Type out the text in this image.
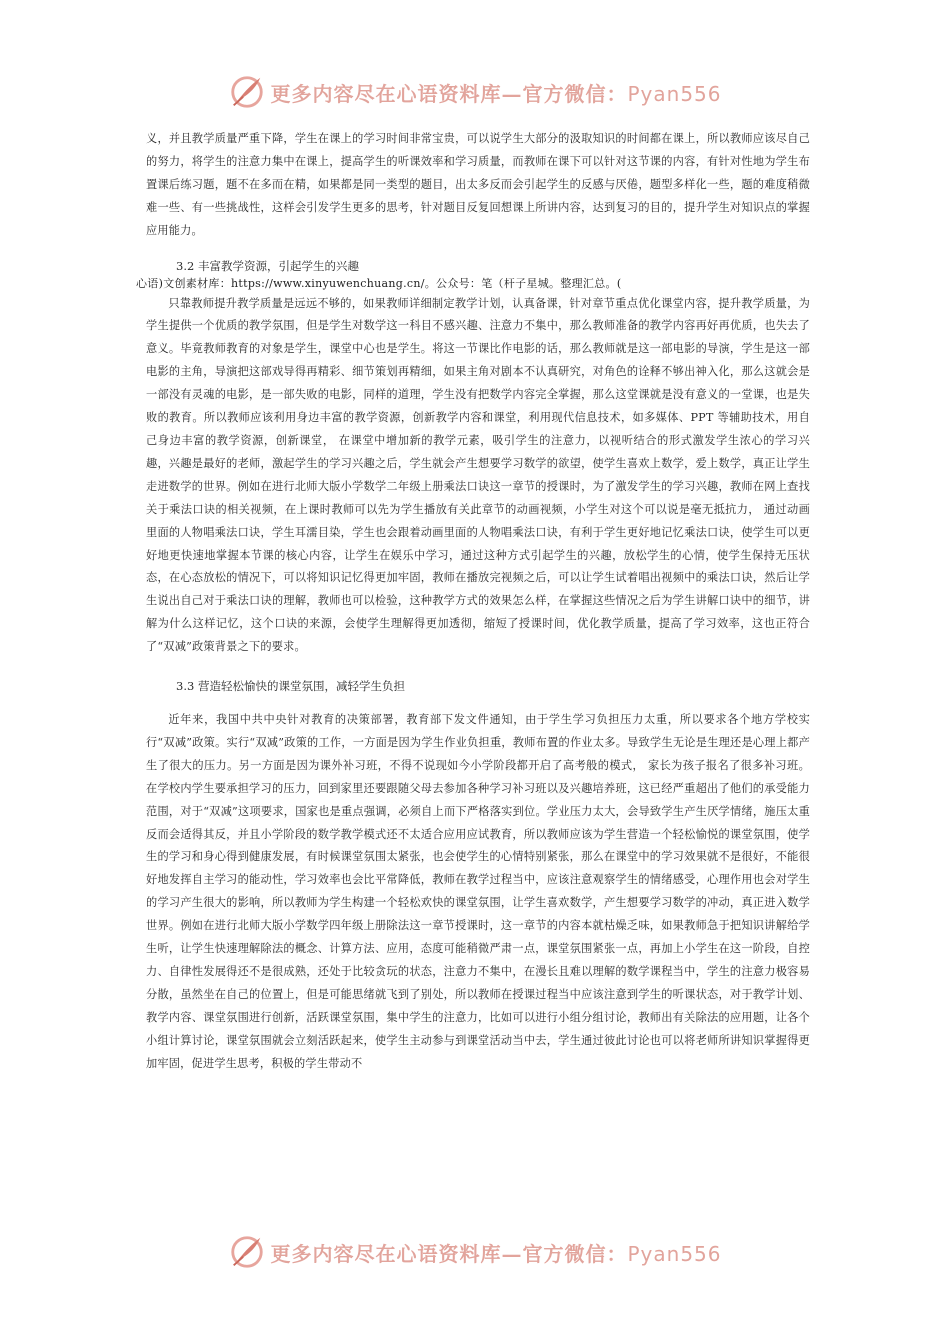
更多内容尽在心语资料库—官方微信：Pyan556

义，并且教学质量严重下降，学生在课上的学习时间非常宝贵，可以说学生大部分的汲取知识的时间都在课上，所以教师应该尽自己的努力，将学生的注意力集中在课上，提高学生的听课效率和学习质量，而教师在课下可以针对这节课的内容，有针对性地为学生布置课后练习题，题不在多而在精，如果都是同一类型的题目，出太多反而会引起学生的反感与厌倦，题型多样化一些，题的难度稍微难一些、有一些挑战性，这样会引发学生更多的思考，针对题目反复回想课上所讲内容，达到复习的目的，提升学生对知识点的掌握应用能力。

3.2 丰富教学资源，引起学生的兴趣

心语)文创素材库：https://www.xinyuwenchuang.cn/。公众号：笔（杆子星城。整理汇总。(

只靠教师提升教学质量是远远不够的，如果教师详细制定教学计划，认真备课，针对章节重点优化课堂内容，提升教学质量，为学生提供一个优质的教学氛围，但是学生对数学这一科目不感兴趣、注意力不集中，那么教师准备的教学内容再好再优质，也失去了意义。毕竟教师教育的对象是学生，课堂中心也是学生。将这一节课比作电影的话，那么教师就是这一部电影的导演，学生是这一部电影的主角，导演把这部戏导得再精彩、细节策划再精细，如果主角对剧本不认真研究，对角色的诠释不够出神入化，那么这就会是一部没有灵魂的电影，是一部失败的电影，同样的道理，学生没有把数学内容完全掌握，那么这堂课就是没有意义的一堂课，也是失败的教育。所以教师应该利用身边丰富的教学资源，创新教学内容和课堂，利用现代信息技术，如多媒体、PPT 等辅助技术，用自己身边丰富的教学资源，创新课堂， 在课堂中增加新的教学元素，吸引学生的注意力，以视听结合的形式激发学生浓心的学习兴趣，兴趣是最好的老师，激起学生的学习兴趣之后，学生就会产生想要学习数学的欲望，使学生喜欢上数学，爱上数学，真正让学生走进数学的世界。例如在进行北师大版小学数学二年级上册乘法口诀这一章节的授课时，为了激发学生的学习兴趣，教师在网上查找关于乘法口诀的相关视频，在上课时教师可以先为学生播放有关此章节的动画视频，小学生对这个可以说是毫无抵抗力， 通过动画里面的人物唱乘法口诀，学生耳濡目染，学生也会跟着动画里面的人物唱乘法口诀，有利于学生更好地记忆乘法口诀，使学生可以更好地更快速地掌握本节课的核心内容，让学生在娱乐中学习，通过这种方式引起学生的兴趣，放松学生的心情，使学生保持无压状态，在心态放松的情况下，可以将知识记忆得更加牢固，教师在播放完视频之后，可以让学生试着唱出视频中的乘法口诀，然后让学生说出自己对于乘法口诀的理解，教师也可以检验，这种教学方式的效果怎么样，在掌握这些情况之后为学生讲解口诀中的细节，讲解为什么这样记忆，这个口诀的来源，会使学生理解得更加透彻，缩短了授课时间，优化教学质量，提高了学习效率，这也正符合了“双减”政策背景之下的要求。

3.3 营造轻松愉快的课堂氛围，减轻学生负担

近年来，我国中共中央针对教育的决策部署，教育部下发文件通知，由于学生学习负担压力太重，所以要求各个地方学校实行“双减”政策。实行“双减”政策的工作，一方面是因为学生作业负担重，教师布置的作业太多。导致学生无论是生理还是心理上都产生了很大的压力。另一方面是因为课外补习班，不得不说现如今小学阶段都开启了高考般的模式， 家长为孩子报名了很多补习班。在学校内学生要承担学习的压力，回到家里还要跟随父母去参加各种学习补习班以及兴趣培养班，这已经严重超出了他们的承受能力范围，对于“双减”这项要求，国家也是重点强调，必须自上而下严格落实到位。学业压力太大，会导致学生产生厌学情绪，施压太重反而会适得其反，并且小学阶段的数学教学模式还不太适合应用应试教育，所以教师应该为学生营造一个轻松愉悦的课堂氛围，使学生的学习和身心得到健康发展，有时候课堂氛围太紧张，也会使学生的心情特别紧张，那么在课堂中的学习效果就不是很好，不能很好地发挥自主学习的能动性，学习效率也会比平常降低，教师在教学过程当中，应该注意观察学生的情绪感受，心理作用也会对学生的学习产生很大的影响，所以教师为学生构建一个轻松欢快的课堂氛围，让学生喜欢数学，产生想要学习数学的冲动，真正进入数学世界。例如在进行北师大版小学数学四年级上册除法这一章节授课时，这一章节的内容本就枯燥乏味，如果教师急于把知识讲解给学生听，让学生快速理解除法的概念、计算方法、应用，态度可能稍微严肃一点，课堂氛围紧张一点，再加上小学生在这一阶段，自控力、自律性发展得还不是很成熟，还处于比较贪玩的状态，注意力不集中，在漫长且难以理解的数学课程当中，学生的注意力极容易分散，虽然坐在自己的位置上，但是可能思绪就飞到了别处，所以教师在授课过程当中应该注意到学生的听课状态，对于教学计划、教学内容、课堂氛围进行创新，活跃课堂氛围，集中学生的注意力，比如可以进行小组分组讨论，教师出有关除法的应用题，让各个小组计算讨论，课堂氛围就会立刻活跃起来，使学生主动参与到课堂活动当中去，学生通过彼此讨论也可以将老师所讲知识掌握得更加牢固，促进学生思考，积极的学生带动不

更多内容尽在心语资料库—官方微信：Pyan556
